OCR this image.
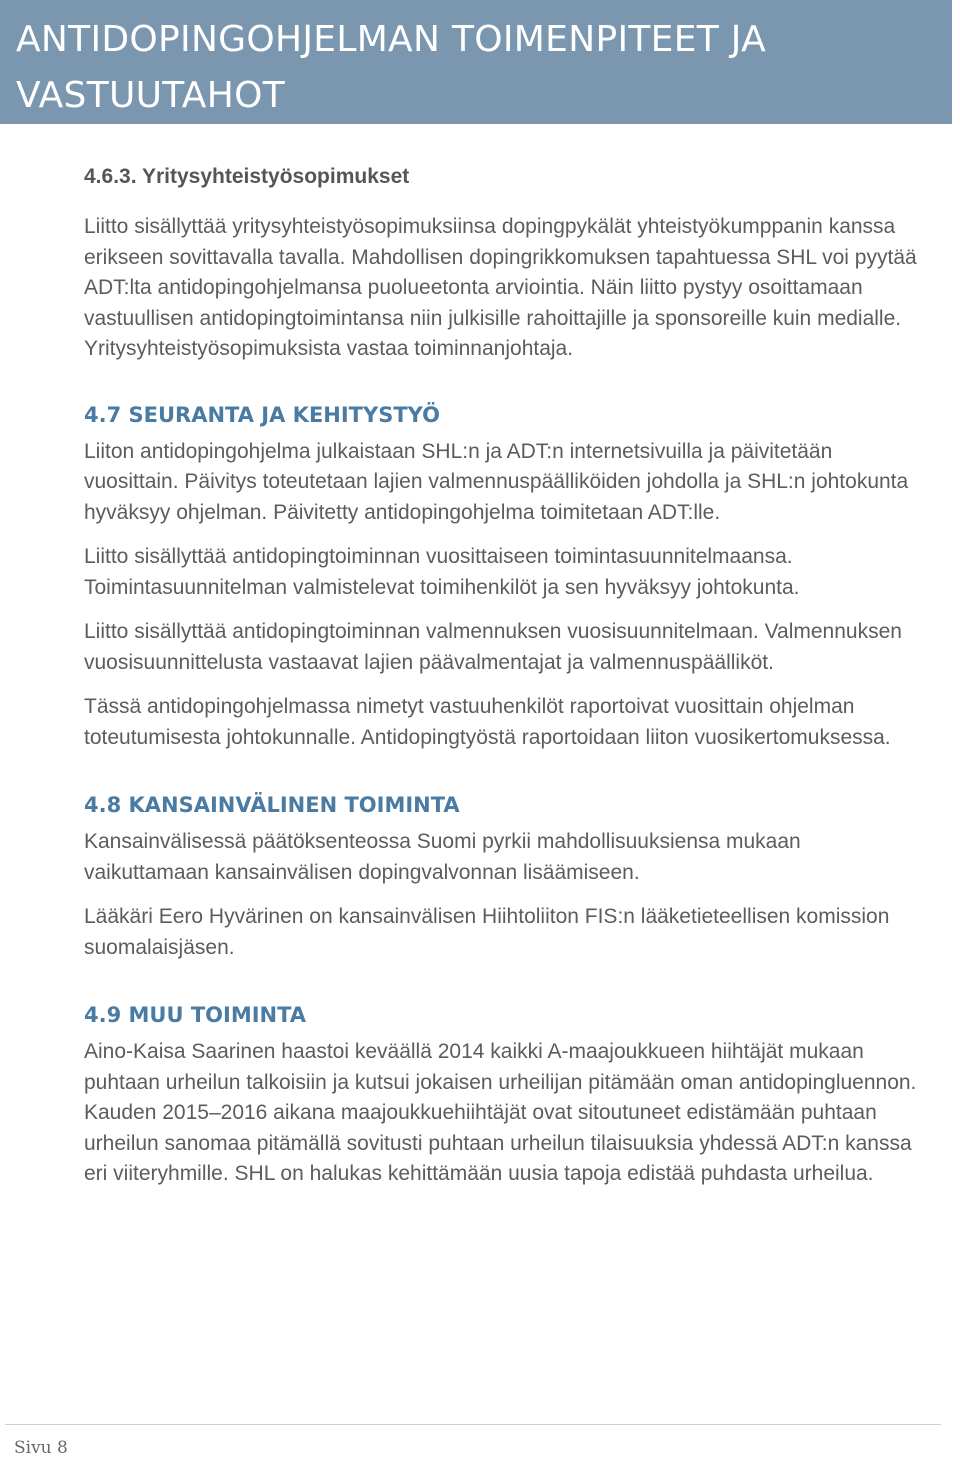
ANTIDOPINGOHJELMAN TOIMENPITEET JA
VASTUUTAHOT
4.6.3. Yritysyhteistyösopimukset

Liitto sisällyttää yritysyhteistyösopimuksiinsa dopingpykälät yhteistyökumppanin kanssa erikseen sovittavalla tavalla. Mahdollisen dopingrikkomuksen tapahtuessa SHL voi pyytää ADT:lta antidopingohjelmansa puolueetonta arviointia. Näin liitto pystyy osoittamaan vastuullisen antidopingtoimintansa niin julkisille rahoittajille ja sponsoreille kuin medialle. Yritysyhteistyösopimuksista vastaa toiminnanjohtaja.

4.7 SEURANTA JA KEHITYSTYÖ

Liiton antidopingohjelma julkaistaan SHL:n ja ADT:n internetsivuilla ja päivitetään vuosittain. Päivitys toteutetaan lajien valmennuspäälliköiden johdolla ja SHL:n johtokunta hyväksyy ohjelman. Päivitetty antidopingohjelma toimitetaan ADT:lle.

Liitto sisällyttää antidopingtoiminnan vuosittaiseen toimintasuunnitelmaansa. Toimintasuunnitelman valmistelevat toimihenkilöt ja sen hyväksyy johtokunta.

Liitto sisällyttää antidopingtoiminnan valmennuksen vuosisuunnitelmaan. Valmennuksen vuosisuunnittelusta vastaavat lajien päävalmentajat ja valmennuspäälliköt.

Tässä antidopingohjelmassa nimetyt vastuuhenkilöt raportoivat vuosittain ohjelman toteutumisesta johtokunnalle. Antidopingtyöstä raportoidaan liiton vuosikertomuksessa.

4.8 KANSAINVÄLINEN TOIMINTA

Kansainvälisessä päätöksenteossa Suomi pyrkii mahdollisuuksiensa mukaan vaikuttamaan kansainvälisen dopingvalvonnan lisäämiseen.

Lääkäri Eero Hyvärinen on kansainvälisen Hiihtoliiton FIS:n lääketieteellisen komission suomalaisjäsen.

4.9 MUU TOIMINTA

Aino-Kaisa Saarinen haastoi keväällä 2014 kaikki A-maajoukkueen hiihtäjät mukaan puhtaan urheilun talkoisiin ja kutsui jokaisen urheilijan pitämään oman antidopingluennon. Kauden 2015–2016 aikana maajoukkuehiihtäjät ovat sitoutuneet edistämään puhtaan urheilun sanomaa pitämällä sovitusti puhtaan urheilun tilaisuuksia yhdessä ADT:n kanssa eri viiteryhmille. SHL on halukas kehittämään uusia tapoja edistää puhdasta urheilua.

Sivu 8
